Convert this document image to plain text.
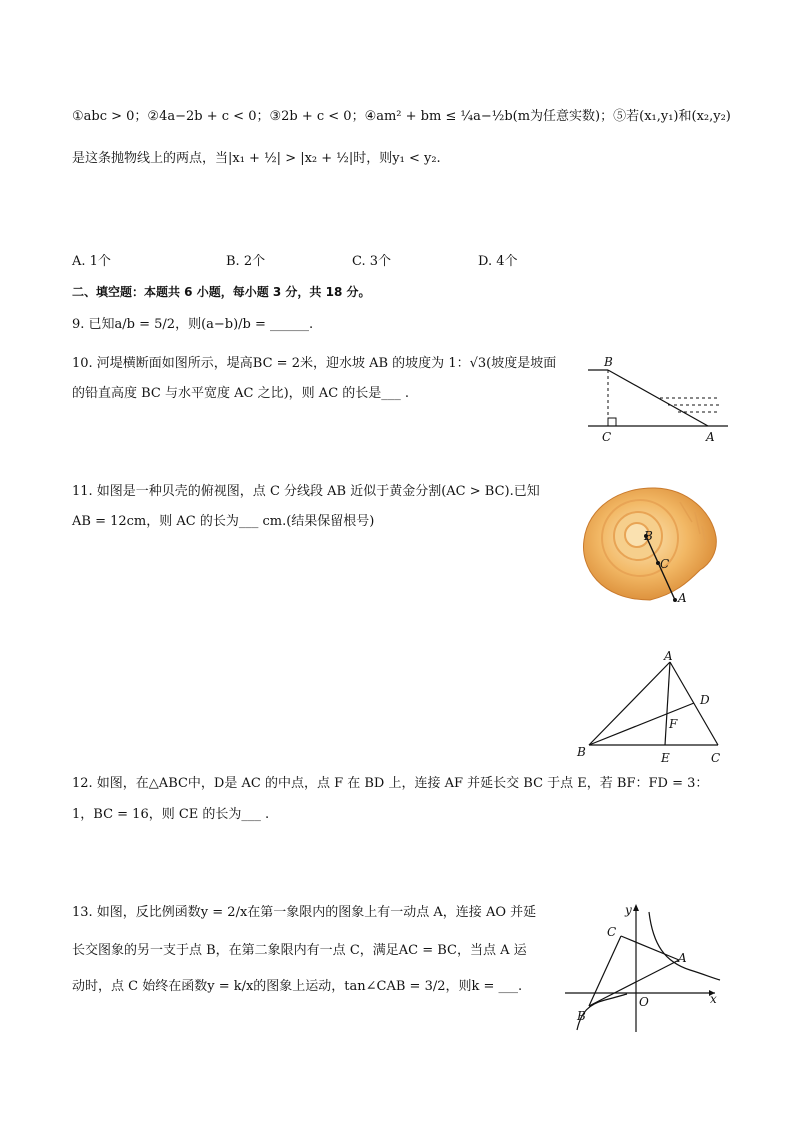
①abc > 0；②4a−2b + c < 0；③2b + c < 0；④am² + bm ≤ ¼a−½b(m为任意实数)；⑤若(x₁,y₁)和(x₂,y₂)
是这条抛物线上的两点，当|x₁ + ½| > |x₂ + ½|时，则y₁ < y₂.
A. 1个	B. 2个	C. 3个	D. 4个
二、填空题：本题共 6 小题，每小题 3 分，共 18 分。
9. 已知a/b = 5/2，则(a−b)/b = ______.
10. 河堤横断面如图所示，堤高BC = 2米，迎水坡 AB 的坡度为 1：√3(坡度是坡面
的铅直高度 BC 与水平宽度 AC 之比)，则 AC 的长是___ .
B
C	A
11. 如图是一种贝壳的俯视图，点 C 分线段 AB 近似于黄金分割(AC > BC).已知
AB = 12cm，则 AC 的长为___ cm.(结果保留根号)
B
C
A
A
B	C
D
E
F
12. 如图，在△ABC中，D是 AC 的中点，点 F 在 BD 上，连接 AF 并延长交 BC 于点 E，若 BF：FD = 3：
1，BC = 16，则 CE 的长为___ .
13. 如图，反比例函数y = 2/x在第一象限内的图象上有一动点 A，连接 AO 并延
长交图象的另一支于点 B，在第二象限内有一点 C，满足AC = BC，当点 A 运
动时，点 C 始终在函数y = k/x的图象上运动，tan∠CAB = 3/2，则k = ___.
y
x
O
A
B
C
